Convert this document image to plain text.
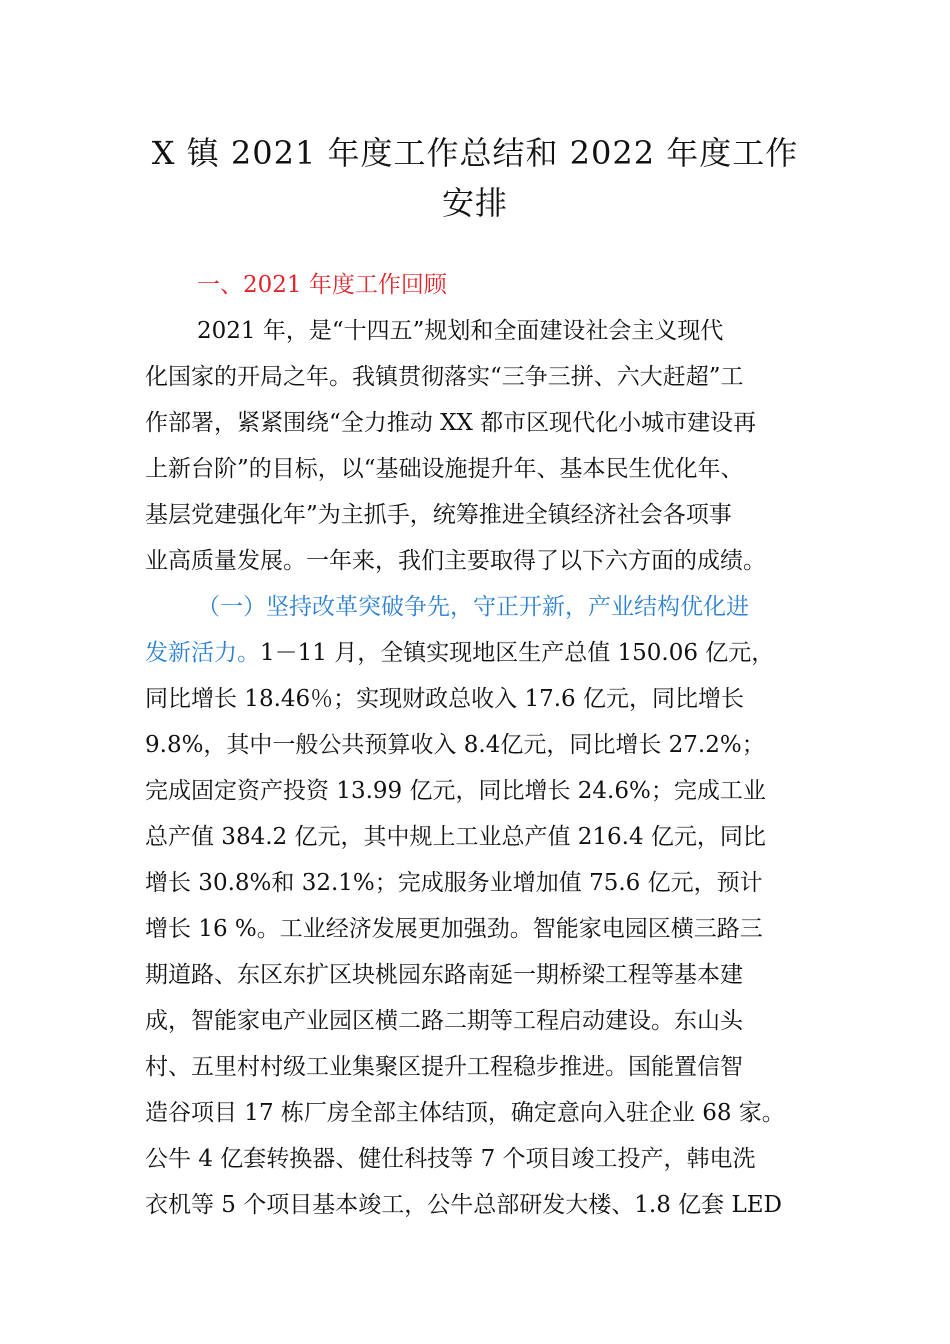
X 镇 2021 年度工作总结和 2022 年度工作
安排
一、2021 年度工作回顾
2021 年，是“十四五”规划和全面建设社会主义现代
化国家的开局之年。我镇贯彻落实“三争三拼、六大赶超”工
作部署，紧紧围绕“全力推动 XX 都市区现代化小城市建设再
上新台阶”的目标，以“基础设施提升年、基本民生优化年、
基层党建强化年”为主抓手，统筹推进全镇经济社会各项事
业高质量发展。一年来，我们主要取得了以下六方面的成绩。
（一）坚持改革突破争先，守正开新，产业结构优化进
发新活力。 1－11 月，全镇实现地区生产总值 150.06 亿元，
同比增长 18.46％；实现财政总收入 17.6 亿元，同比增长
9.8%，其中一般公共预算收入 8.4亿元，同比增长 27.2%；
完成固定资产投资 13.99 亿元，同比增长 24.6%；完成工业
总产值 384.2 亿元，其中规上工业总产值 216.4 亿元，同比
增长 30.8%和 32.1%；完成服务业增加值 75.6 亿元，预计
增长 16 %。工业经济发展更加强劲。智能家电园区横三路三
期道路、东区东扩区块桃园东路南延一期桥梁工程等基本建
成，智能家电产业园区横二路二期等工程启动建设。东山头
村、五里村村级工业集聚区提升工程稳步推进。国能置信智
造谷项目 17 栋厂房全部主体结顶，确定意向入驻企业 68 家。
公牛 4 亿套转换器、健仕科技等 7 个项目竣工投产，韩电洗
衣机等 5 个项目基本竣工，公牛总部研发大楼、1.8 亿套 LED
